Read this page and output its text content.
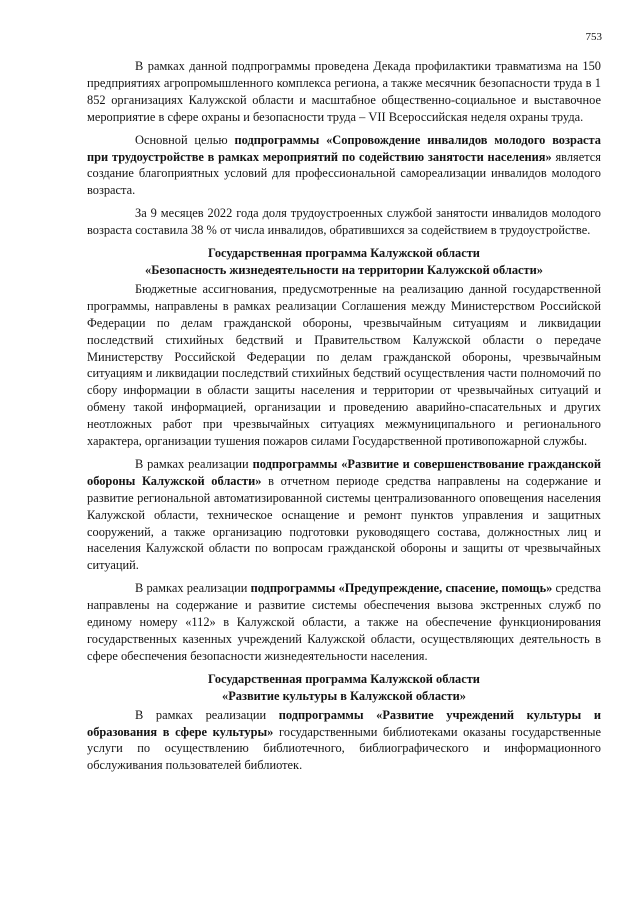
753

В рамках данной подпрограммы проведена Декада профилактики травматизма на 150 предприятиях агропромышленного комплекса региона, а также месячник безопасности труда в 1 852 организациях Калужской области и масштабное общественно-социальное и выставочное мероприятие в сфере охраны и безопасности труда – VII Всероссийская неделя охраны труда.

Основной целью подпрограммы «Сопровождение инвалидов молодого возраста при трудоустройстве в рамках мероприятий по содействию занятости населения» является создание благоприятных условий для профессиональной самореализации инвалидов молодого возраста.

За 9 месяцев 2022 года доля трудоустроенных службой занятости инвалидов молодого возраста составила 38 % от числа инвалидов, обратившихся за содействием в трудоустройстве.

Государственная программа Калужской области
«Безопасность жизнедеятельности на территории Калужской области»

Бюджетные ассигнования, предусмотренные на реализацию данной государственной программы, направлены в рамках реализации Соглашения между Министерством Российской Федерации по делам гражданской обороны, чрезвычайным ситуациям и ликвидации последствий стихийных бедствий и Правительством Калужской области о передаче Министерству Российской Федерации по делам гражданской обороны, чрезвычайным ситуациям и ликвидации последствий стихийных бедствий осуществления части полномочий по сбору информации в области защиты населения и территории от чрезвычайных ситуаций и обмену такой информацией, организации и проведению аварийно-спасательных и других неотложных работ при чрезвычайных ситуациях межмуниципального и регионального характера, организации тушения пожаров силами Государственной противопожарной службы.

В рамках реализации подпрограммы «Развитие и совершенствование гражданской обороны Калужской области» в отчетном периоде средства направлены на содержание и развитие региональной автоматизированной системы централизованного оповещения населения Калужской области, техническое оснащение и ремонт пунктов управления и защитных сооружений, а также организацию подготовки руководящего состава, должностных лиц и населения Калужской области по вопросам гражданской обороны и защиты от чрезвычайных ситуаций.

В рамках реализации подпрограммы «Предупреждение, спасение, помощь» средства направлены на содержание и развитие системы обеспечения вызова экстренных служб по единому номеру «112» в Калужской области, а также на обеспечение функционирования государственных казенных учреждений Калужской области, осуществляющих деятельность в сфере обеспечения безопасности жизнедеятельности населения.

Государственная программа Калужской области
«Развитие культуры в Калужской области»

В рамках реализации подпрограммы «Развитие учреждений культуры и образования в сфере культуры» государственными библиотеками оказаны государственные услуги по осуществлению библиотечного, библиографического и информационного обслуживания пользователей библиотек.
